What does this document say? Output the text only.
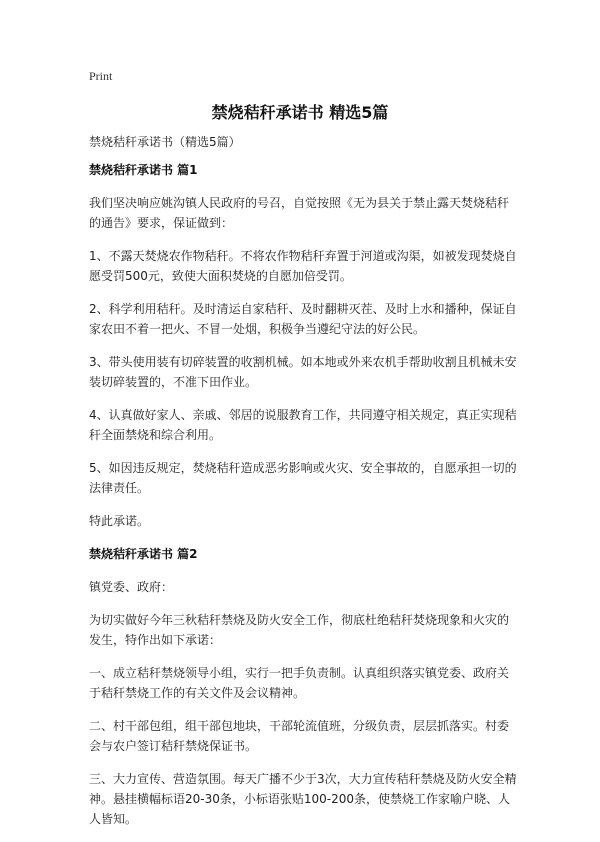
Print
禁烧秸秆承诺书 精选5篇
禁烧秸秆承诺书（精选5篇）
禁烧秸秆承诺书 篇1
我们坚决响应姚沟镇人民政府的号召，自觉按照《无为县关于禁止露天焚烧秸秆的通告》要求，保证做到：
1、不露天焚烧农作物秸秆。不将农作物秸秆弃置于河道或沟渠，如被发现焚烧自愿受罚500元，致使大面积焚烧的自愿加倍受罚。
2、科学利用秸秆。及时清运自家秸秆、及时翻耕灭茬、及时上水和播种，保证自家农田不着一把火、不冒一处烟，积极争当遵纪守法的好公民。
3、带头使用装有切碎装置的收割机械。如本地或外来农机手帮助收割且机械未安装切碎装置的，不准下田作业。
4、认真做好家人、亲戚、邻居的说服教育工作，共同遵守相关规定，真正实现秸秆全面禁烧和综合利用。
5、如因违反规定，焚烧秸秆造成恶劣影响或火灾、安全事故的，自愿承担一切的法律责任。
特此承诺。
禁烧秸秆承诺书 篇2
镇党委、政府：
为切实做好今年三秋秸秆禁烧及防火安全工作，彻底杜绝秸秆焚烧现象和火灾的发生，特作出如下承诺：
一、成立秸秆禁烧领导小组，实行一把手负责制。认真组织落实镇党委、政府关于秸秆禁烧工作的有关文件及会议精神。
二、村干部包组，组干部包地块，干部轮流值班，分级负责，层层抓落实。村委会与农户签订秸秆禁烧保证书。
三、大力宣传、营造氛围。每天广播不少于3次，大力宣传秸秆禁烧及防火安全精神。悬挂横幅标语20-30条，小标语张贴100-200条，使禁烧工作家喻户晓、人人皆知。
